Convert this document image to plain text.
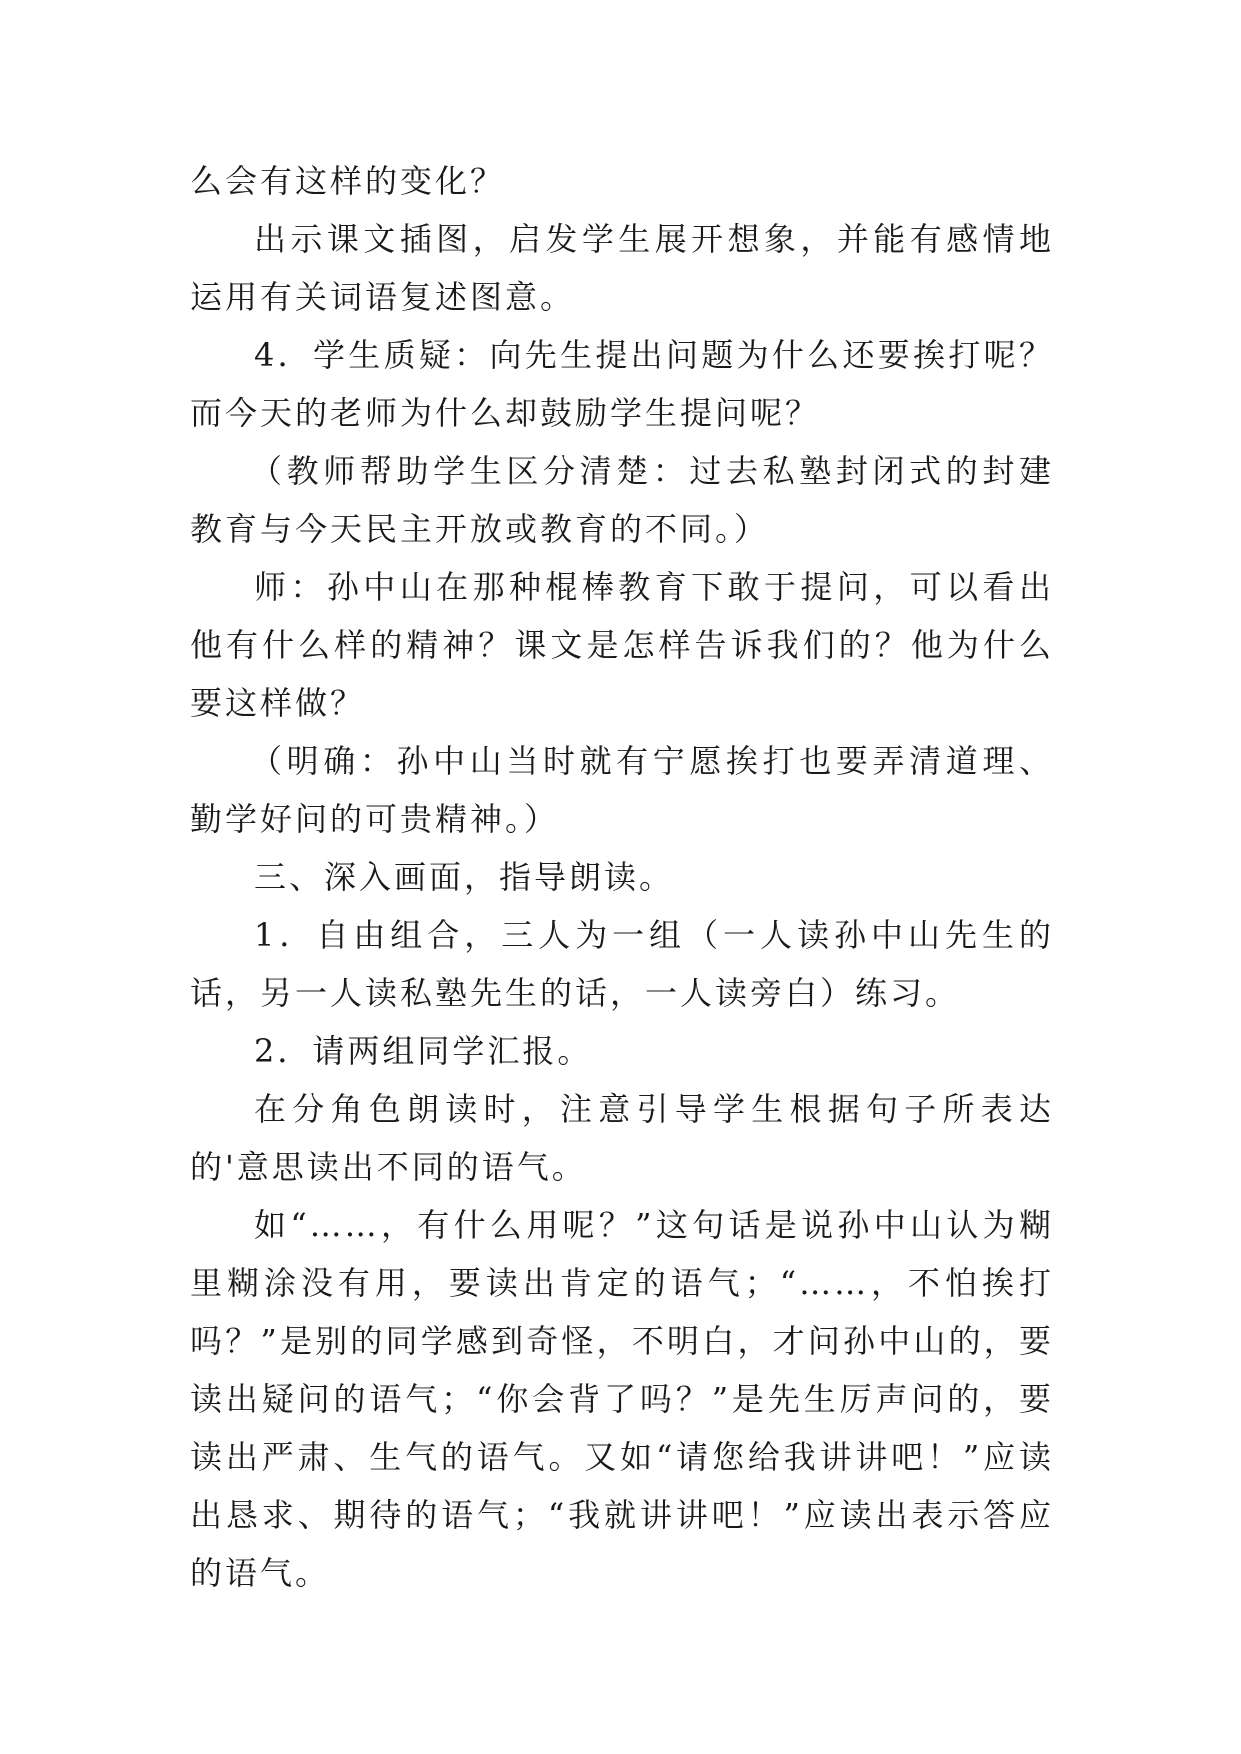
么会有这样的变化？

出示课文插图，启发学生展开想象，并能有感情地运用有关词语复述图意。

4．学生质疑：向先生提出问题为什么还要挨打呢？而今天的老师为什么却鼓励学生提问呢？

（教师帮助学生区分清楚：过去私塾封闭式的封建教育与今天民主开放或教育的不同。）

师：孙中山在那种棍棒教育下敢于提问，可以看出他有什么样的精神？课文是怎样告诉我们的？他为什么要这样做？

（明确：孙中山当时就有宁愿挨打也要弄清道理、勤学好问的可贵精神。）

三、深入画面，指导朗读。

1．自由组合，三人为一组（一人读孙中山先生的话，另一人读私塾先生的话，一人读旁白）练习。

2．请两组同学汇报。

在分角色朗读时，注意引导学生根据句子所表达的'意思读出不同的语气。

如“……，有什么用呢？”这句话是说孙中山认为糊里糊涂没有用，要读出肯定的语气；“……，不怕挨打吗？”是别的同学感到奇怪，不明白，才问孙中山的，要读出疑问的语气；“你会背了吗？”是先生厉声问的，要读出严肃、生气的语气。又如“请您给我讲讲吧！”应读出恳求、期待的语气；“我就讲讲吧！”应读出表示答应的语气。
